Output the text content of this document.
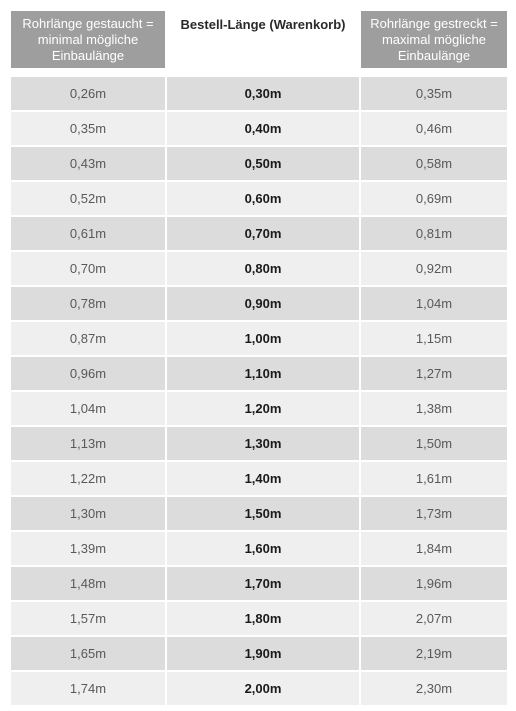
Rohrlänge gestaucht = minimal mögliche Einbaulänge	Bestell-Länge (Warenkorb)	Rohrlänge gestreckt = maximal mögliche Einbaulänge

0,26m	0,30m	0,35m
0,35m	0,40m	0,46m
0,43m	0,50m	0,58m
0,52m	0,60m	0,69m
0,61m	0,70m	0,81m
0,70m	0,80m	0,92m
0,78m	0,90m	1,04m
0,87m	1,00m	1,15m
0,96m	1,10m	1,27m
1,04m	1,20m	1,38m
1,13m	1,30m	1,50m
1,22m	1,40m	1,61m
1,30m	1,50m	1,73m
1,39m	1,60m	1,84m
1,48m	1,70m	1,96m
1,57m	1,80m	2,07m
1,65m	1,90m	2,19m
1,74m	2,00m	2,30m
